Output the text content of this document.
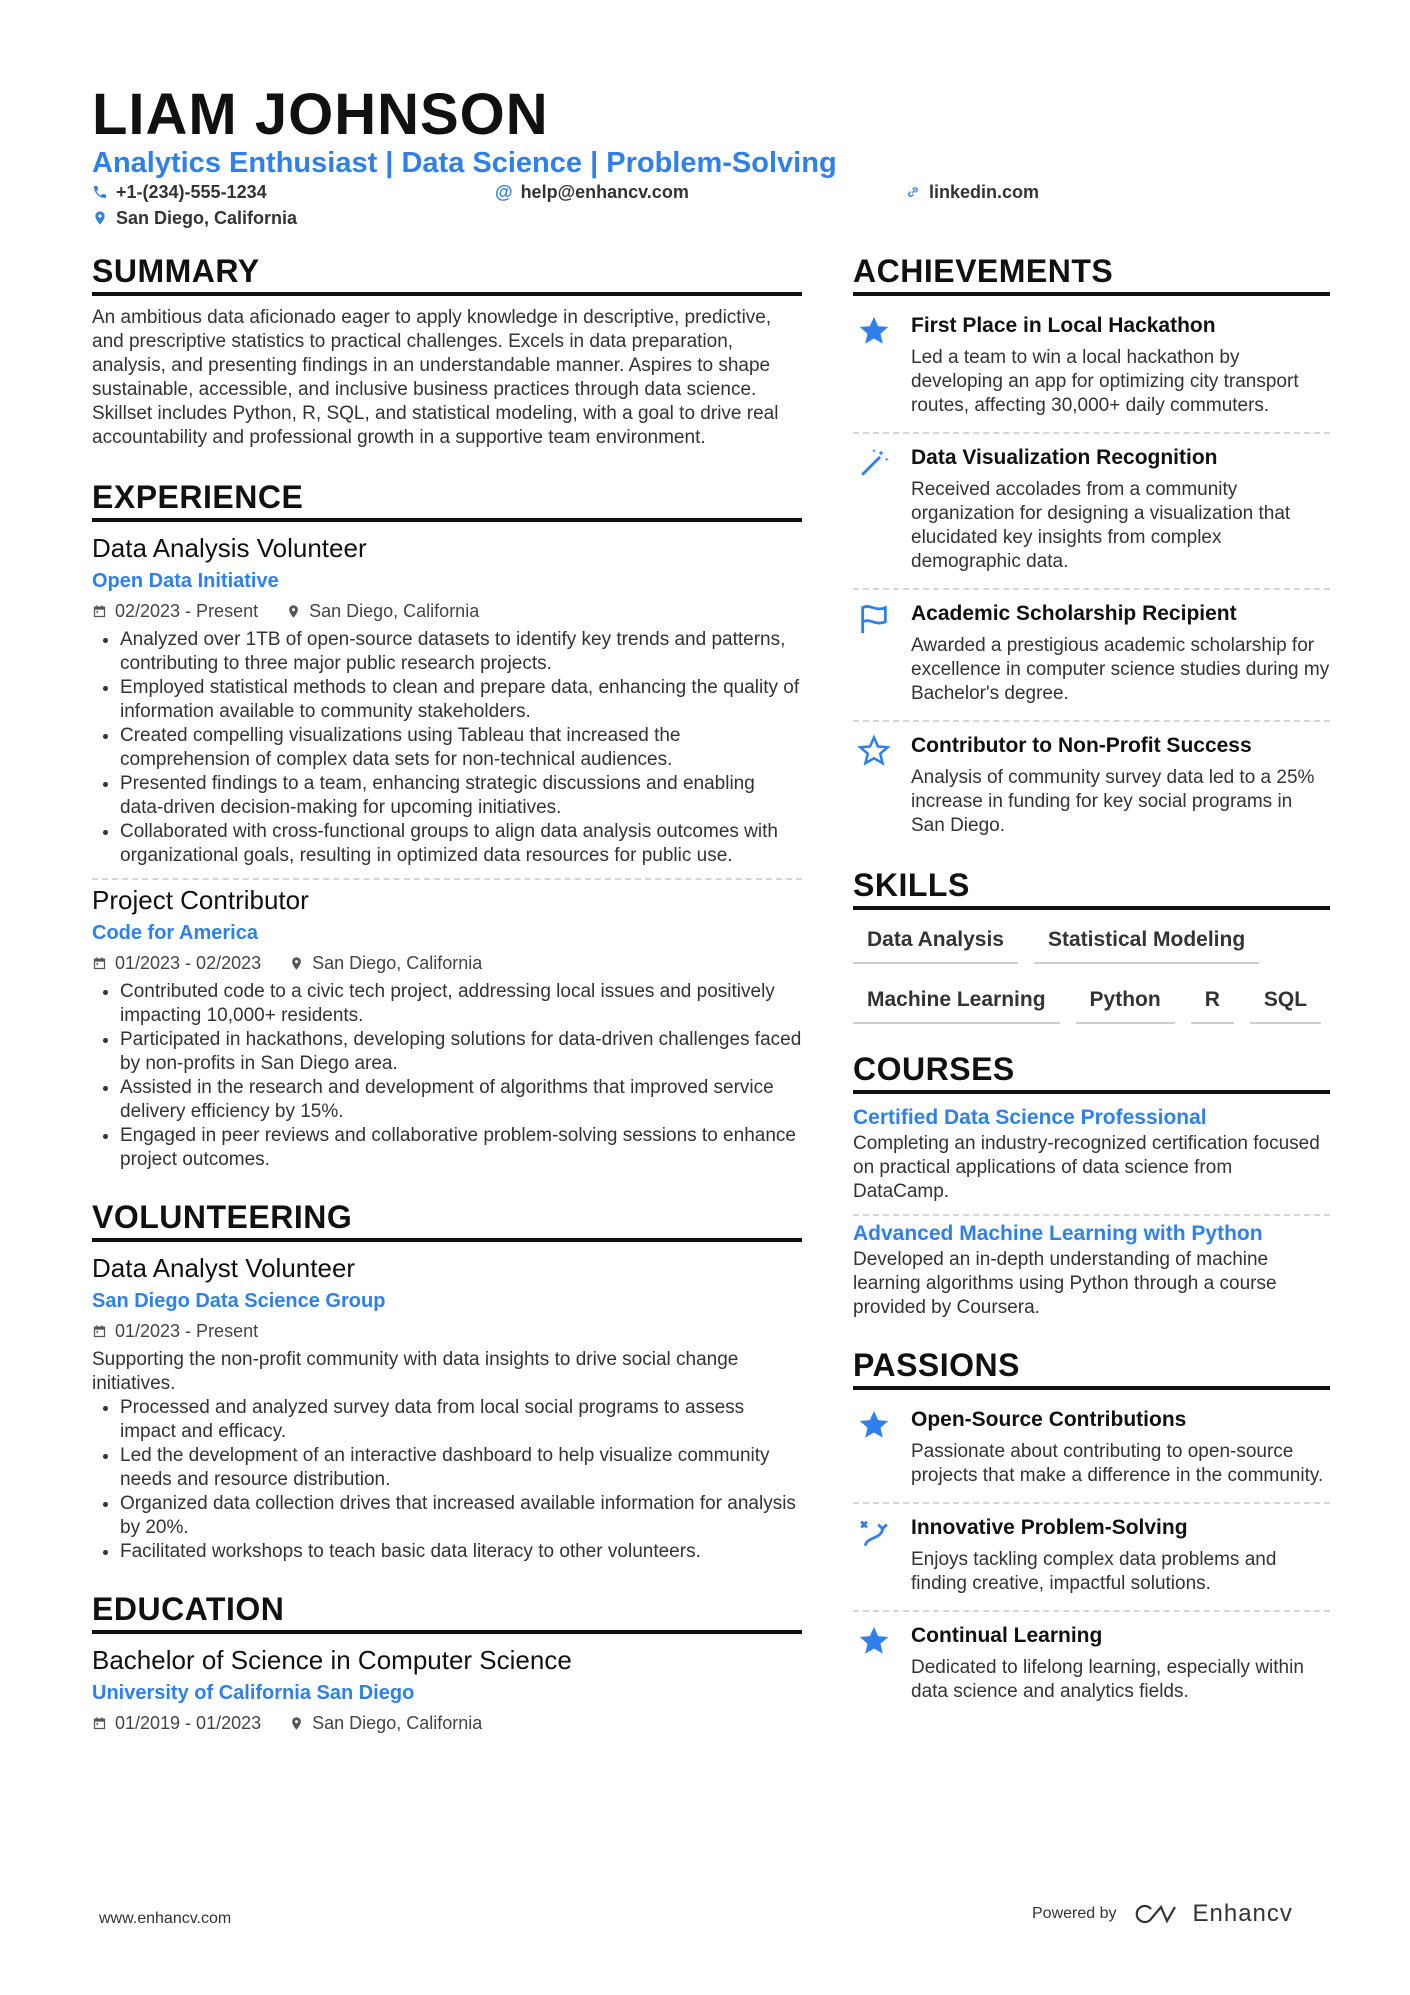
LIAM JOHNSON
Analytics Enthusiast | Data Science | Problem-Solving
+1-(234)-555-1234	@ help@enhancv.com	linkedin.com
San Diego, California
SUMMARY

An ambitious data aficionado eager to apply knowledge in descriptive, predictive, and prescriptive statistics to practical challenges. Excels in data preparation, analysis, and presenting findings in an understandable manner. Aspires to shape sustainable, accessible, and inclusive business practices through data science. Skillset includes Python, R, SQL, and statistical modeling, with a goal to drive real accountability and professional growth in a supportive team environment.

EXPERIENCE
Data Analysis Volunteer
Open Data Initiative
02/2023 - Present	San Diego, California
• Analyzed over 1TB of open-source datasets to identify key trends and patterns, contributing to three major public research projects.
• Employed statistical methods to clean and prepare data, enhancing the quality of information available to community stakeholders.
• Created compelling visualizations using Tableau that increased the comprehension of complex data sets for non-technical audiences.
• Presented findings to a team, enhancing strategic discussions and enabling data-driven decision-making for upcoming initiatives.
• Collaborated with cross-functional groups to align data analysis outcomes with organizational goals, resulting in optimized data resources for public use.
Project Contributor
Code for America
01/2023 - 02/2023	San Diego, California
• Contributed code to a civic tech project, addressing local issues and positively impacting 10,000+ residents.
• Participated in hackathons, developing solutions for data-driven challenges faced by non-profits in San Diego area.
• Assisted in the research and development of algorithms that improved service delivery efficiency by 15%.
• Engaged in peer reviews and collaborative problem-solving sessions to enhance project outcomes.
VOLUNTEERING
Data Analyst Volunteer
San Diego Data Science Group
01/2023 - Present

Supporting the non-profit community with data insights to drive social change initiatives.

• Processed and analyzed survey data from local social programs to assess impact and efficacy.
• Led the development of an interactive dashboard to help visualize community needs and resource distribution.
• Organized data collection drives that increased available information for analysis by 20%.
• Facilitated workshops to teach basic data literacy to other volunteers.
EDUCATION
Bachelor of Science in Computer Science
University of California San Diego
01/2019 - 01/2023	San Diego, California
ACHIEVEMENTS
First Place in Local Hackathon
Led a team to win a local hackathon by developing an app for optimizing city transport routes, affecting 30,000+ daily commuters.
Data Visualization Recognition
Received accolades from a community organization for designing a visualization that elucidated key insights from complex demographic data.
Academic Scholarship Recipient
Awarded a prestigious academic scholarship for excellence in computer science studies during my Bachelor's degree.
Contributor to Non-Profit Success
Analysis of community survey data led to a 25% increase in funding for key social programs in San Diego.
SKILLS
Data Analysis	Statistical Modeling
Machine Learning	Python	R	SQL
COURSES
Certified Data Science Professional
Completing an industry-recognized certification focused on practical applications of data science from DataCamp.
Advanced Machine Learning with Python
Developed an in-depth understanding of machine learning algorithms using Python through a course provided by Coursera.
PASSIONS
Open-Source Contributions
Passionate about contributing to open-source projects that make a difference in the community.
Innovative Problem-Solving
Enjoys tackling complex data problems and finding creative, impactful solutions.
Continual Learning
Dedicated to lifelong learning, especially within data science and analytics fields.
www.enhancv.com	Powered by	Enhancv
